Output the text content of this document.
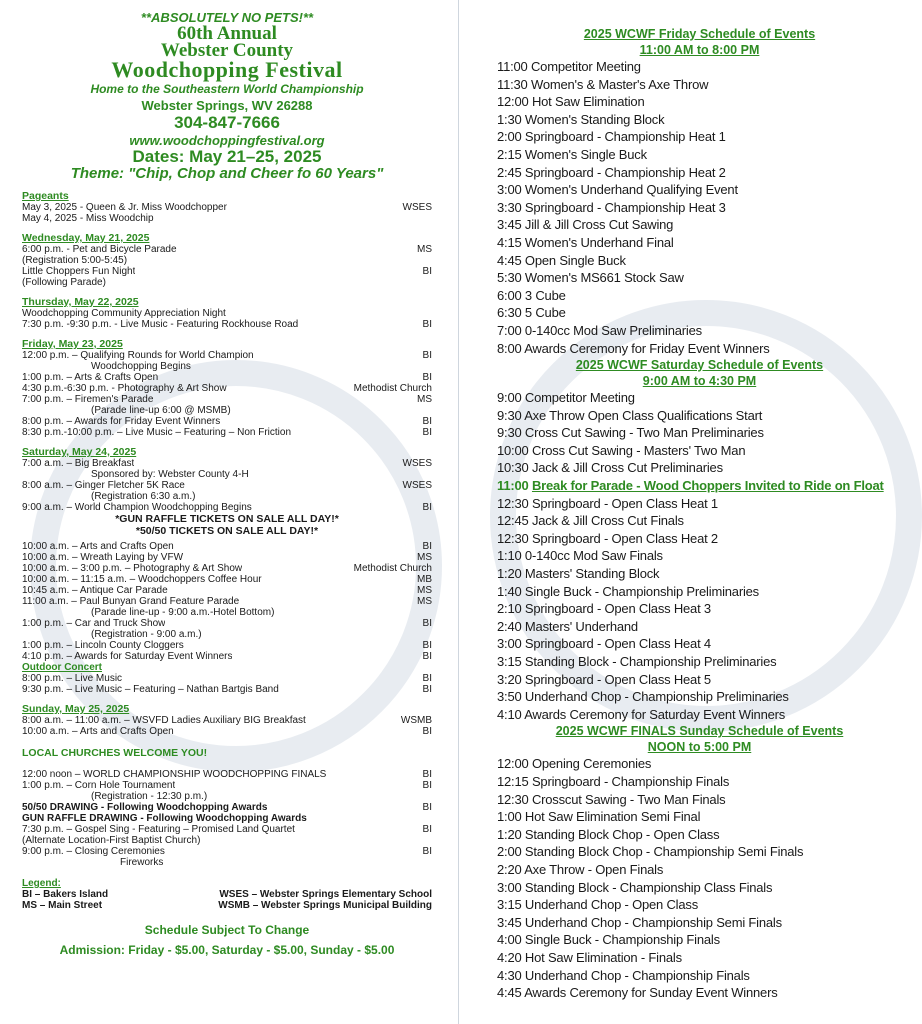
**ABSOLUTELY NO PETS!**
60th Annual
Webster County
Woodchopping Festival
Home to the Southeastern World Championship
Webster Springs, WV 26288
304-847-7666
www.woodchoppingfestival.org
Dates: May 21–25, 2025
Theme: "Chip, Chop and Cheer fo 60 Years"
Pageants
May 3, 2025 - Queen & Jr. Miss Woodchopper	WSES
May 4, 2025 - Miss Woodchip
Wednesday, May 21, 2025
6:00 p.m. - Pet and Bicycle Parade	MS
(Registration 5:00-5:45)
Little Choppers Fun Night	BI
(Following Parade)
Thursday, May 22, 2025
Woodchopping Community Appreciation Night
7:30 p.m. -9:30 p.m. - Live Music - Featuring Rockhouse Road	BI
Friday, May 23, 2025
12:00 p.m. – Qualifying Rounds for World Champion	BI
Woodchopping Begins
1:00 p.m. – Arts & Crafts Open	BI
4:30 p.m.-6:30 p.m. - Photography & Art Show	Methodist Church
7:00 p.m. – Firemen's Parade	MS
(Parade line-up 6:00 @ MSMB)
8:00 p.m. – Awards for Friday Event Winners	BI
8:30 p.m.-10:00 p.m. – Live Music – Featuring – Non Friction	BI
Saturday, May 24, 2025
7:00 a.m. – Big Breakfast	WSES
Sponsored by: Webster County 4-H
8:00 a.m. – Ginger Fletcher 5K Race	WSES
(Registration 6:30 a.m.)
9:00 a.m. – World Champion Woodchopping Begins	BI
*GUN RAFFLE TICKETS ON SALE ALL DAY!*
*50/50 TICKETS ON SALE ALL DAY!*
10:00 a.m. – Arts and Crafts Open	BI
10:00 a.m. – Wreath Laying by VFW	MS
10:00 a.m. – 3:00 p.m. – Photography & Art Show	Methodist Church
10:00 a.m. – 11:15 a.m. – Woodchoppers Coffee Hour	MB
10:45 a.m. – Antique Car Parade	MS
11:00 a.m. – Paul Bunyan Grand Feature Parade	MS
(Parade line-up - 9:00 a.m.-Hotel Bottom)
1:00 p.m. – Car and Truck Show	BI
(Registration - 9:00 a.m.)
1:00 p.m. – Lincoln County Cloggers	BI
4:10 p.m. – Awards for Saturday Event Winners	BI
Outdoor Concert
8:00 p.m. – Live Music	BI
9:30 p.m. – Live Music – Featuring – Nathan Bartgis Band	BI
Sunday, May 25, 2025
8:00 a.m. – 11:00 a.m. – WSVFD Ladies Auxiliary BIG Breakfast	WSMB
10:00 a.m. – Arts and Crafts Open	BI
LOCAL CHURCHES WELCOME YOU!
12:00 noon – WORLD CHAMPIONSHIP WOODCHOPPING FINALS	BI
1:00 p.m. – Corn Hole Tournament	BI
(Registration - 12:30 p.m.)
50/50 DRAWING - Following Woodchopping Awards	BI
GUN RAFFLE DRAWING - Following Woodchopping Awards
7:30 p.m. – Gospel Sing - Featuring – Promised Land Quartet	BI
(Alternate Location-First Baptist Church)
9:00 p.m. – Closing Ceremonies	BI
Fireworks
Legend:
BI – Bakers Island	WSES – Webster Springs Elementary School
MS – Main Street	WSMB – Webster Springs Municipal Building
Schedule Subject To Change
Admission: Friday - $5.00, Saturday - $5.00, Sunday - $5.00
2025 WCWF Friday Schedule of Events
11:00 AM to 8:00 PM
11:00 Competitor Meeting
11:30 Women's & Master's Axe Throw
12:00 Hot Saw Elimination
1:30 Women's Standing Block
2:00 Springboard - Championship Heat 1
2:15 Women's Single Buck
2:45 Springboard - Championship Heat 2
3:00 Women's Underhand Qualifying Event
3:30 Springboard - Championship Heat 3
3:45 Jill & Jill Cross Cut Sawing
4:15 Women's Underhand Final
4:45 Open Single Buck
5:30 Women's MS661 Stock Saw
6:00 3 Cube
6:30 5 Cube
7:00 0-140cc Mod Saw Preliminaries
8:00 Awards Ceremony for Friday Event Winners
2025 WCWF Saturday Schedule of Events
9:00 AM to 4:30 PM
9:00 Competitor Meeting
9:30 Axe Throw Open Class Qualifications Start
9:30 Cross Cut Sawing - Two Man Preliminaries
10:00 Cross Cut Sawing - Masters' Two Man
10:30 Jack & Jill Cross Cut Preliminaries
11:00 Break for Parade - Wood Choppers Invited to Ride on Float
12:30 Springboard - Open Class Heat 1
12:45 Jack & Jill Cross Cut Finals
12:30 Springboard - Open Class Heat 2
1:10 0-140cc Mod Saw Finals
1:20 Masters' Standing Block
1:40 Single Buck - Championship Preliminaries
2:10 Springboard - Open Class Heat 3
2:40 Masters' Underhand
3:00 Springboard - Open Class Heat 4
3:15 Standing Block - Championship Preliminaries
3:20 Springboard - Open Class Heat 5
3:50 Underhand Chop - Championship Preliminaries
4:10 Awards Ceremony for Saturday Event Winners
2025 WCWF FINALS Sunday Schedule of Events
NOON to 5:00 PM
12:00 Opening Ceremonies
12:15 Springboard - Championship Finals
12:30 Crosscut Sawing - Two Man Finals
1:00 Hot Saw Elimination Semi Final
1:20 Standing Block Chop - Open Class
2:00 Standing Block Chop - Championship Semi Finals
2:20 Axe Throw - Open Finals
3:00 Standing Block - Championship Class Finals
3:15 Underhand Chop - Open Class
3:45 Underhand Chop - Championship Semi Finals
4:00 Single Buck - Championship Finals
4:20 Hot Saw Elimination - Finals
4:30 Underhand Chop - Championship Finals
4:45 Awards Ceremony for Sunday Event Winners
